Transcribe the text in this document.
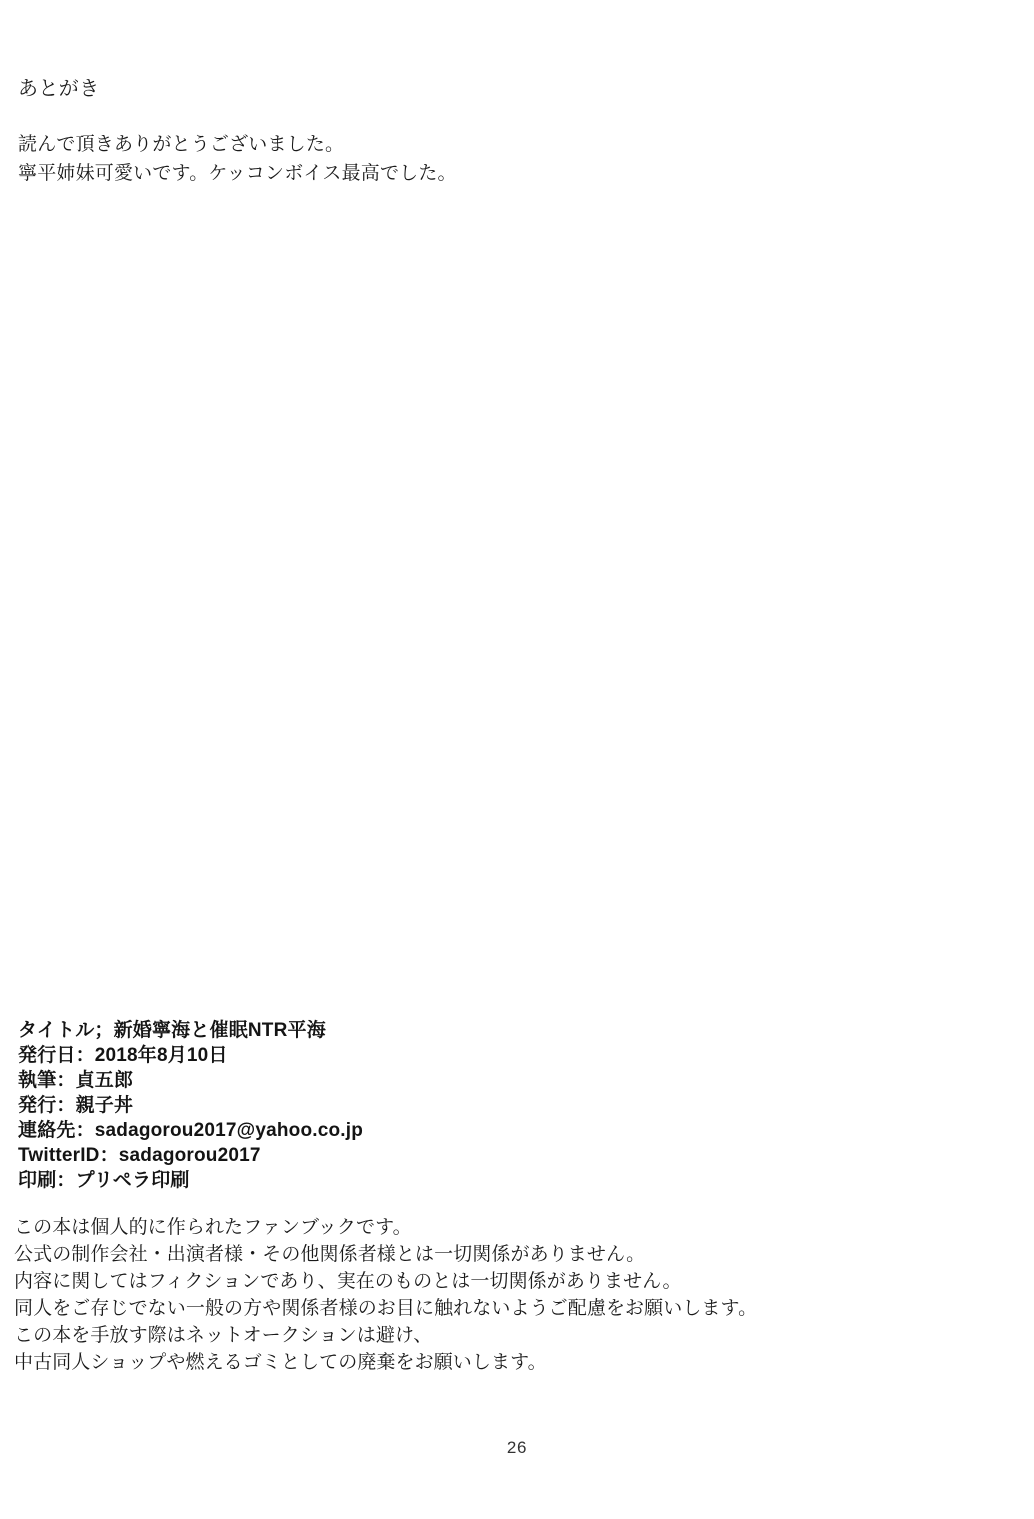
あとがき

読んで頂きありがとうございました。

寧平姉妹可愛いです。ケッコンボイス最高でした。

タイトル；新婚寧海と催眠NTR平海

発行日：2018年8月10日

執筆：貞五郎

発行：親子丼

連絡先：sadagorou2017@yahoo.co.jp

TwitterID：sadagorou2017

印刷：プリペラ印刷

この本は個人的に作られたファンブックです。

公式の制作会社・出演者様・その他関係者様とは一切関係がありません。

内容に関してはフィクションであり、実在のものとは一切関係がありません。

同人をご存じでない一般の方や関係者様のお目に触れないようご配慮をお願いします。

この本を手放す際はネットオークションは避け、

中古同人ショップや燃えるゴミとしての廃棄をお願いします。

26
